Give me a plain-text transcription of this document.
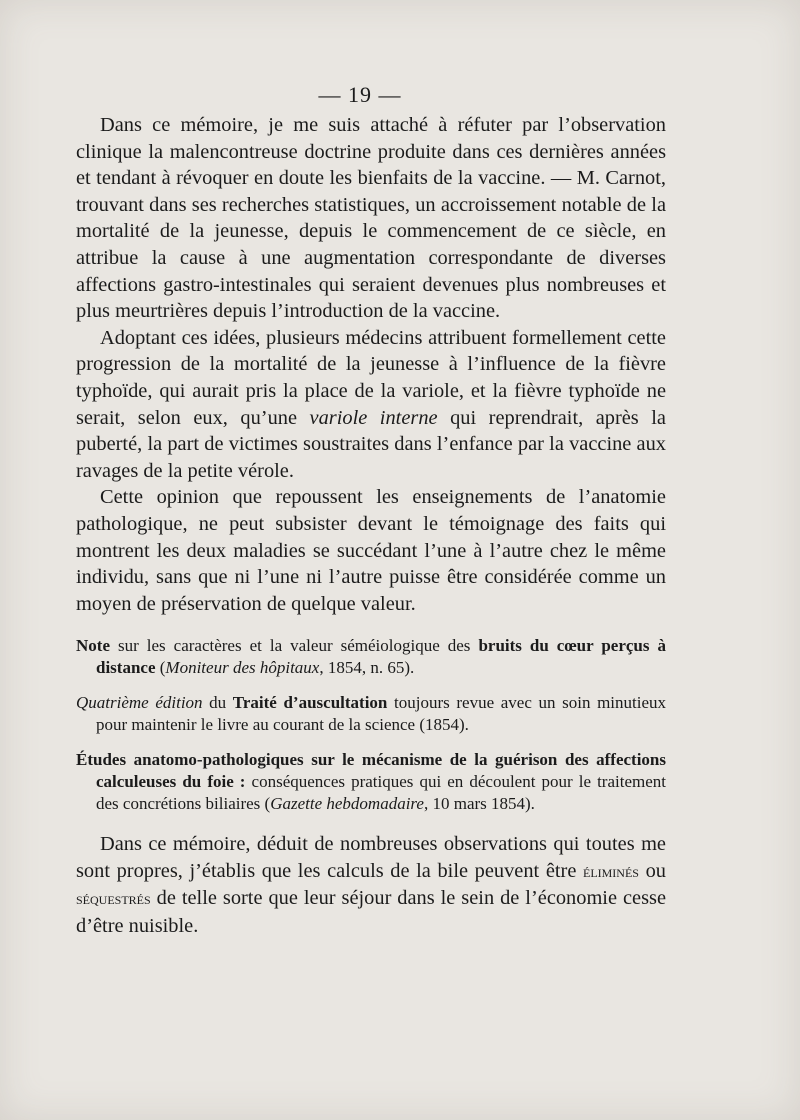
— 19 —

Dans ce mémoire, je me suis attaché à réfuter par l’observation clinique la malencontreuse doctrine produite dans ces dernières années et tendant à révoquer en doute les bienfaits de la vaccine. — M. Carnot, trouvant dans ses recherches statistiques, un accroissement notable de la mortalité de la jeunesse, depuis le commencement de ce siècle, en attribue la cause à une augmentation correspondante de diverses affections gastro-intestinales qui seraient devenues plus nombreuses et plus meurtrières depuis l’introduction de la vaccine.

Adoptant ces idées, plusieurs médecins attribuent formellement cette progression de la mortalité de la jeunesse à l’influence de la fièvre typhoïde, qui aurait pris la place de la variole, et la fièvre typhoïde ne serait, selon eux, qu’une variole interne qui reprendrait, après la puberté, la part de victimes soustraites dans l’enfance par la vaccine aux ravages de la petite vérole.

Cette opinion que repoussent les enseignements de l’anatomie pathologique, ne peut subsister devant le témoignage des faits qui montrent les deux maladies se succédant l’une à l’autre chez le même individu, sans que ni l’une ni l’autre puisse être considérée comme un moyen de préservation de quelque valeur.

Note sur les caractères et la valeur séméiologique des bruits du cœur perçus à distance (Moniteur des hôpitaux, 1854, n. 65).

Quatrième édition du Traité d’auscultation toujours revue avec un soin minutieux pour maintenir le livre au courant de la science (1854).

Études anatomo-pathologiques sur le mécanisme de la guérison des affections calculeuses du foie : conséquences pratiques qui en découlent pour le traitement des concrétions biliaires (Gazette hebdomadaire, 10 mars 1854).

Dans ce mémoire, déduit de nombreuses observations qui toutes me sont propres, j’établis que les calculs de la bile peuvent être éliminés ou séquestrés de telle sorte que leur séjour dans le sein de l’économie cesse d’être nuisible.
